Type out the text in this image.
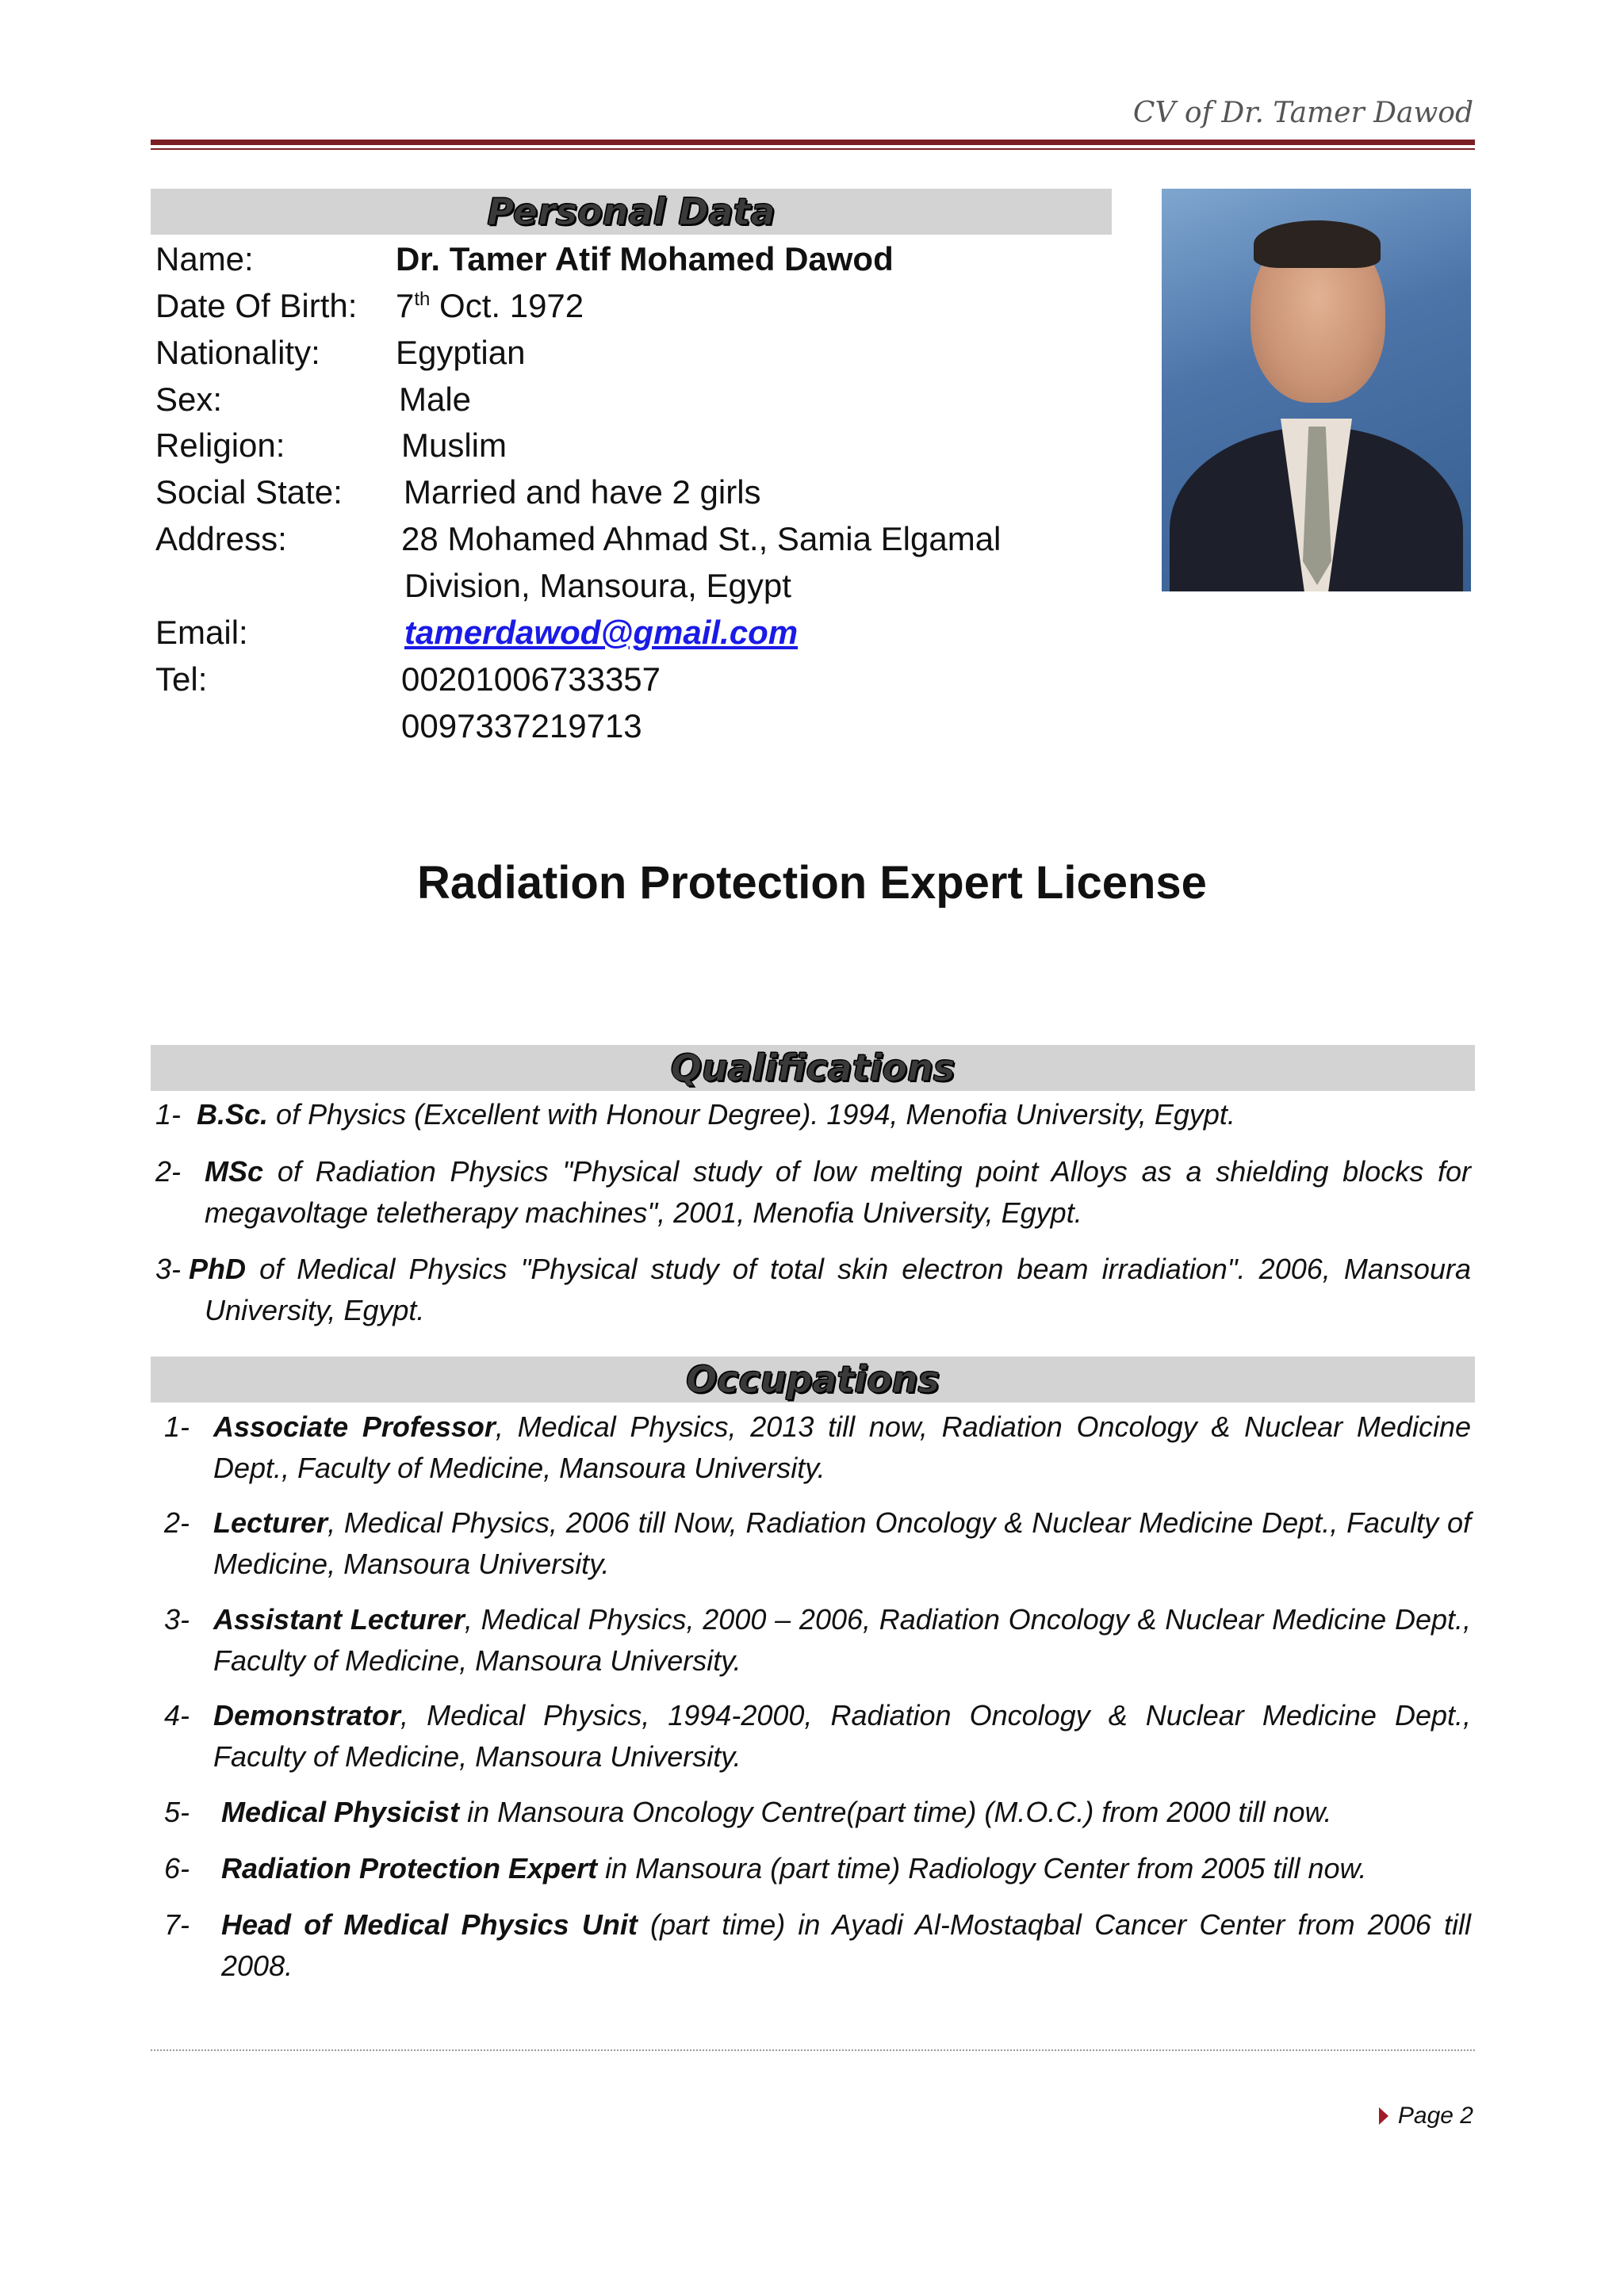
CV of Dr. Tamer Dawod
Personal Data
Name:	Dr. Tamer Atif Mohamed Dawod
Date Of Birth: 7th Oct. 1972
Nationality: Egyptian
Sex:	Male
Religion:	Muslim
Social State: Married and have 2 girls
Address:	28 Mohamed Ahmad St., Samia Elgamal
Division, Mansoura, Egypt
Email:	tamerdawod@gmail.com
Tel:	00201006733357
0097337219713
Radiation Protection Expert License
Qualifications
1- B.Sc. of Physics (Excellent with Honour Degree). 1994, Menofia University, Egypt.
2- MSc of Radiation Physics "Physical study of low melting point Alloys as a shielding blocks for megavoltage teletherapy machines", 2001, Menofia University, Egypt.
3- PhD of Medical Physics "Physical study of total skin electron beam irradiation". 2006, Mansoura University, Egypt.
Occupations
1- Associate Professor, Medical Physics, 2013 till now, Radiation Oncology & Nuclear Medicine Dept., Faculty of Medicine, Mansoura University.
2- Lecturer, Medical Physics, 2006 till Now, Radiation Oncology & Nuclear Medicine Dept., Faculty of Medicine, Mansoura University.
3- Assistant Lecturer, Medical Physics, 2000 – 2006, Radiation Oncology & Nuclear Medicine Dept., Faculty of Medicine, Mansoura University.
4- Demonstrator, Medical Physics, 1994-2000, Radiation Oncology & Nuclear Medicine Dept., Faculty of Medicine, Mansoura University.
5-	Medical Physicist in Mansoura Oncology Centre(part time) (M.O.C.) from 2000 till now.
6-	Radiation Protection Expert in Mansoura (part time) Radiology Center from 2005 till now.
7-	Head of Medical Physics Unit (part time) in Ayadi Al-Mostaqbal Cancer Center from 2006 till 2008.
Page 2
